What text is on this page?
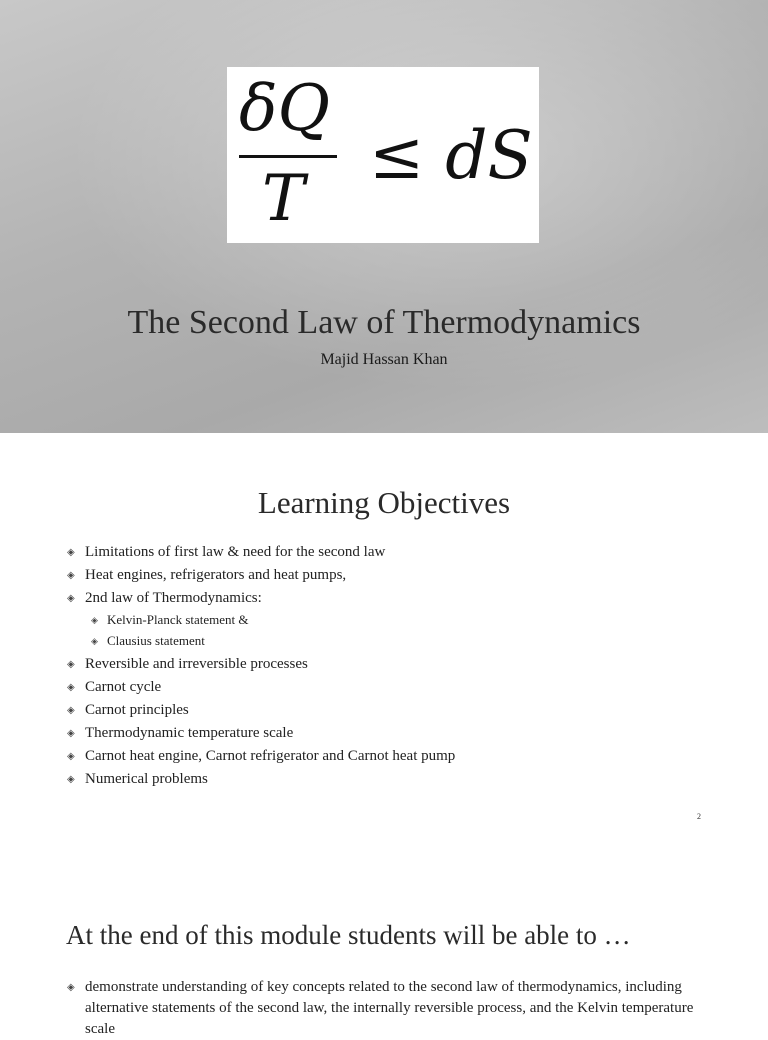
δQ
T
≤ dS
The Second Law of Thermodynamics
Majid Hassan Khan
Learning Objectives
◈ Limitations of first law & need for the second law
◈ Heat engines, refrigerators and heat pumps,
◈ 2nd law of Thermodynamics:
◈ Kelvin-Planck statement &
◈ Clausius statement
◈ Reversible and irreversible processes
◈ Carnot cycle
◈ Carnot principles
◈ Thermodynamic temperature scale
◈ Carnot heat engine, Carnot refrigerator and Carnot heat pump
◈ Numerical problems
2
At the end of this module students will be able to …
◈ demonstrate understanding of key concepts related to the second law of thermodynamics, including alternative statements of the second law, the internally reversible process, and the Kelvin temperature scale
